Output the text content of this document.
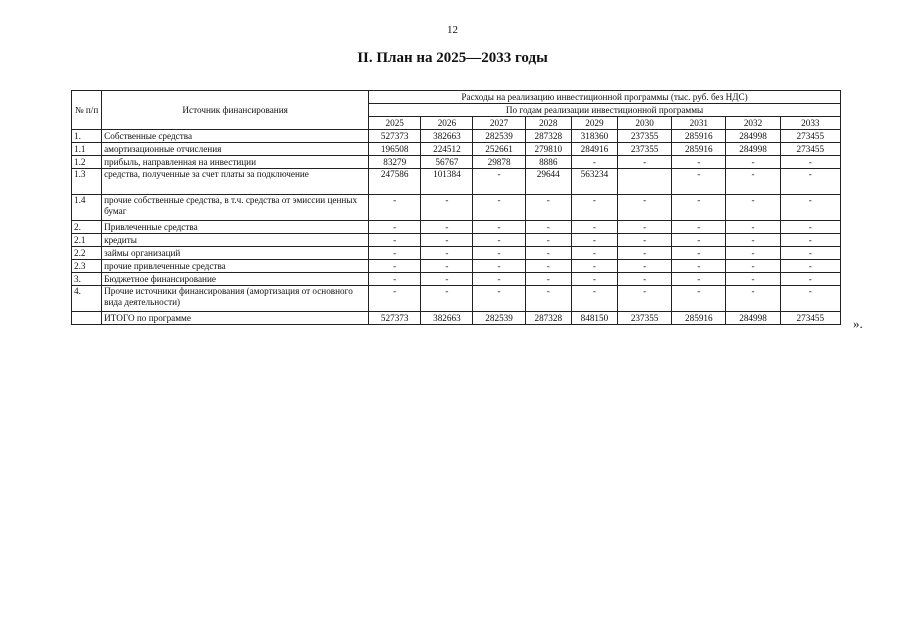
12
II. План на 2025—2033 годы
№ п/п	Источник финансирования	Расходы на реализацию инвестиционной программы (тыс. руб. без НДС)								
		По годам реализации инвестиционной программы								
		2025	2026	2027	2028	2029	2030	2031	2032	2033
1.	Собственные средства	527373	382663	282539	287328	318360	237355	285916	284998	273455
1.1	амортизационные отчисления	196508	224512	252661	279810	284916	237355	285916	284998	273455
1.2	прибыль, направленная на инвестиции	83279	56767	29878	8886	-	-	-	-	-
1.3	средства, полученные за счет платы за подключение	247586	101384	-	29644	563234		-	-	-
1.4	прочие собственные средства, в т.ч. средства от эмиссии ценных бумаг	-	-	-	-	-	-	-	-	-
2.	Привлеченные средства	-	-	-	-	-	-	-	-	-
2.1	кредиты	-	-	-	-	-	-	-	-	-
2.2	займы организаций	-	-	-	-	-	-	-	-	-
2.3	прочие привлеченные средства	-	-	-	-	-	-	-	-	-
3.	Бюджетное финансирование	-	-	-	-	-	-	-	-	-
4.	Прочие источники финансирования (амортизация от основного вида деятельности)	-	-	-	-	-	-	-	-	-
	ИТОГО по программе	527373	382663	282539	287328	848150	237355	285916	284998	273455 ».
